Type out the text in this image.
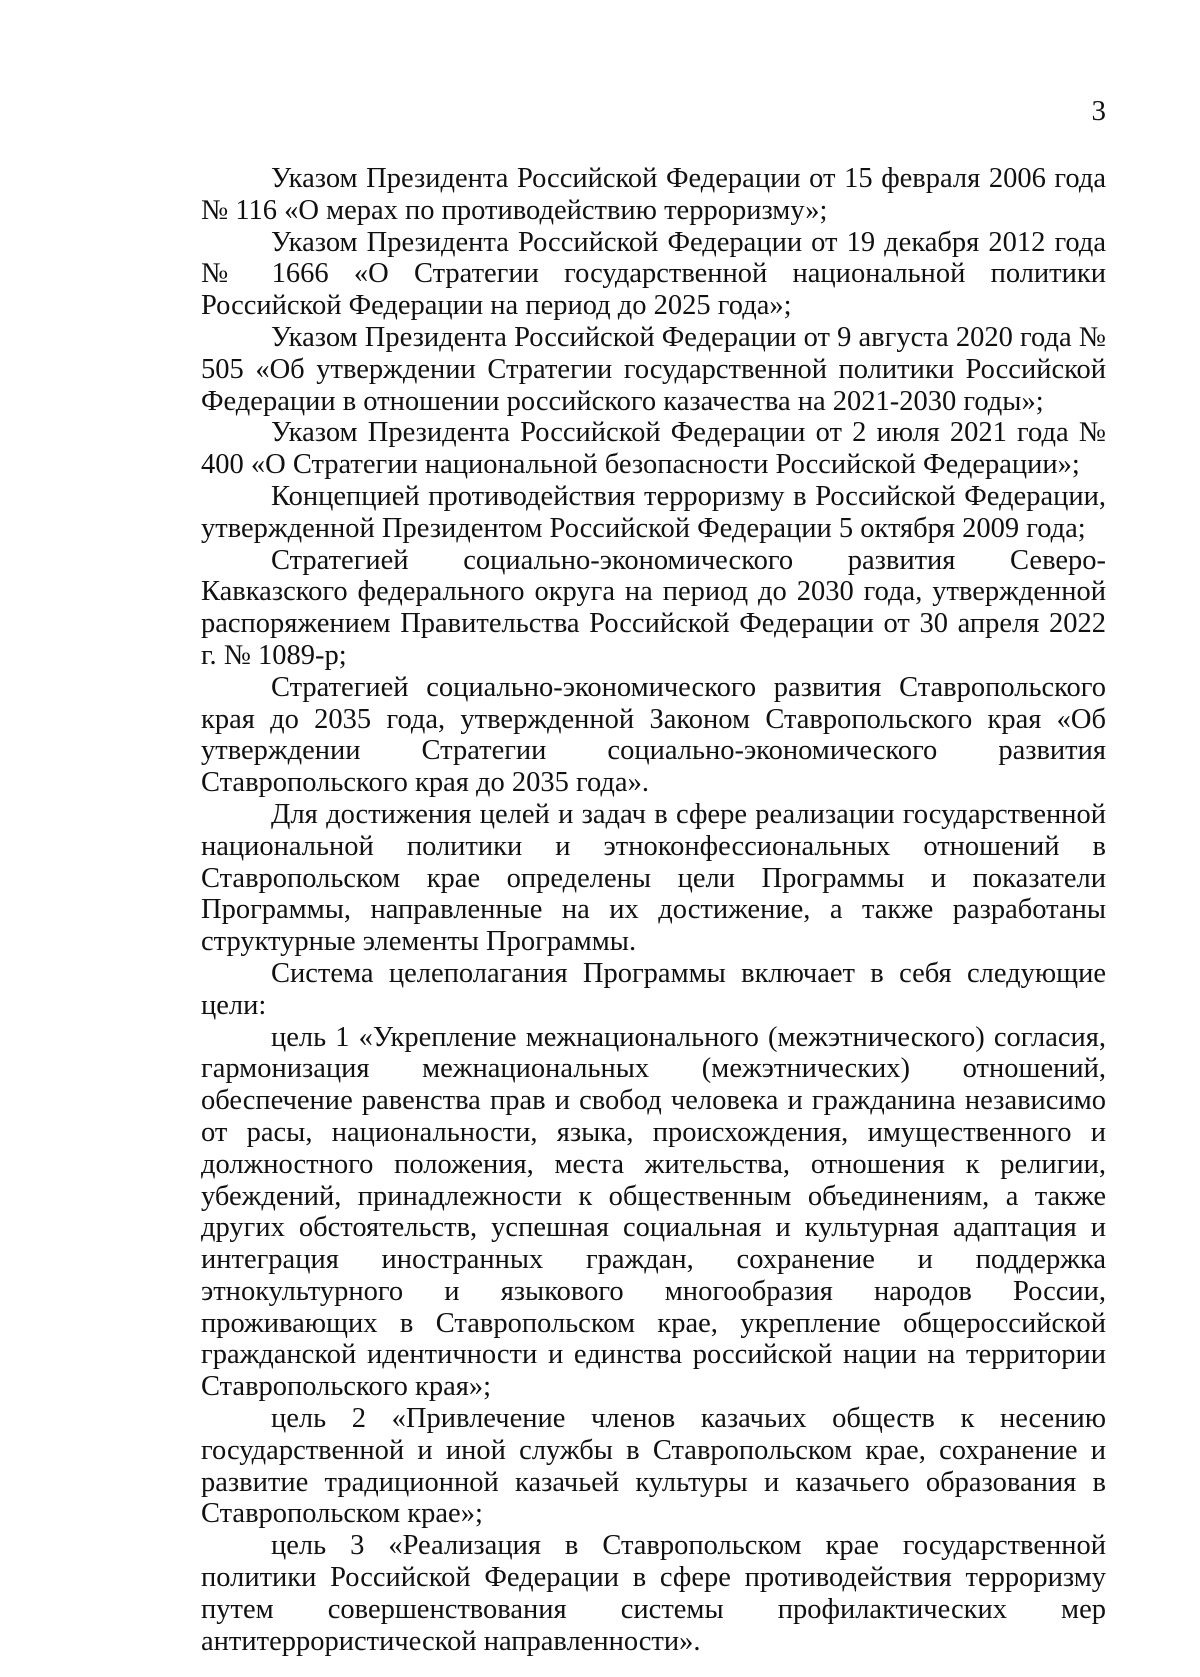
3

Указом Президента Российской Федерации от 15 февраля 2006 года № 116 «О мерах по противодействию терроризму»;

Указом Президента Российской Федерации от 19 декабря 2012 года № 1666 «О Стратегии государственной национальной политики Российской Федерации на период до 2025 года»;

Указом Президента Российской Федерации от 9 августа 2020 года № 505 «Об утверждении Стратегии государственной политики Российской Федерации в отношении российского казачества на 2021-2030 годы»;

Указом Президента Российской Федерации от 2 июля 2021 года № 400 «О Стратегии национальной безопасности Российской Федерации»;

Концепцией противодействия терроризму в Российской Федерации, утвержденной Президентом Российской Федерации 5 октября 2009 года;

Стратегией социально-экономического развития Северо-Кавказского федерального округа на период до 2030 года, утвержденной распоряжением Правительства Российской Федерации от 30 апреля 2022 г. № 1089-р;

Стратегией социально-экономического развития Ставропольского края до 2035 года, утвержденной Законом Ставропольского края «Об утверждении Стратегии социально-экономического развития Ставропольского края до 2035 года».

Для достижения целей и задач в сфере реализации государственной национальной политики и этноконфессиональных отношений в Ставропольском крае определены цели Программы и показатели Программы, направленные на их достижение, а также разработаны структурные элементы Программы.

Система целеполагания Программы включает в себя следующие цели:

цель 1 «Укрепление межнационального (межэтнического) согласия, гармонизация межнациональных (межэтнических) отношений, обеспечение равенства прав и свобод человека и гражданина независимо от расы, национальности, языка, происхождения, имущественного и должностного положения, места жительства, отношения к религии, убеждений, принадлежности к общественным объединениям, а также других обстоятельств, успешная социальная и культурная адаптация и интеграция иностранных граждан, сохранение и поддержка этнокультурного и языкового многообразия народов России, проживающих в Ставропольском крае, укрепление общероссийской гражданской идентичности и единства российской нации на территории Ставропольского края»;

цель 2 «Привлечение членов казачьих обществ к несению государственной и иной службы в Ставропольском крае, сохранение и развитие традиционной казачьей культуры и казачьего образования в Ставропольском крае»;

цель 3 «Реализация в Ставропольском крае государственной политики Российской Федерации в сфере противодействия терроризму путем совершенствования системы профилактических мер антитеррористической направленности».
